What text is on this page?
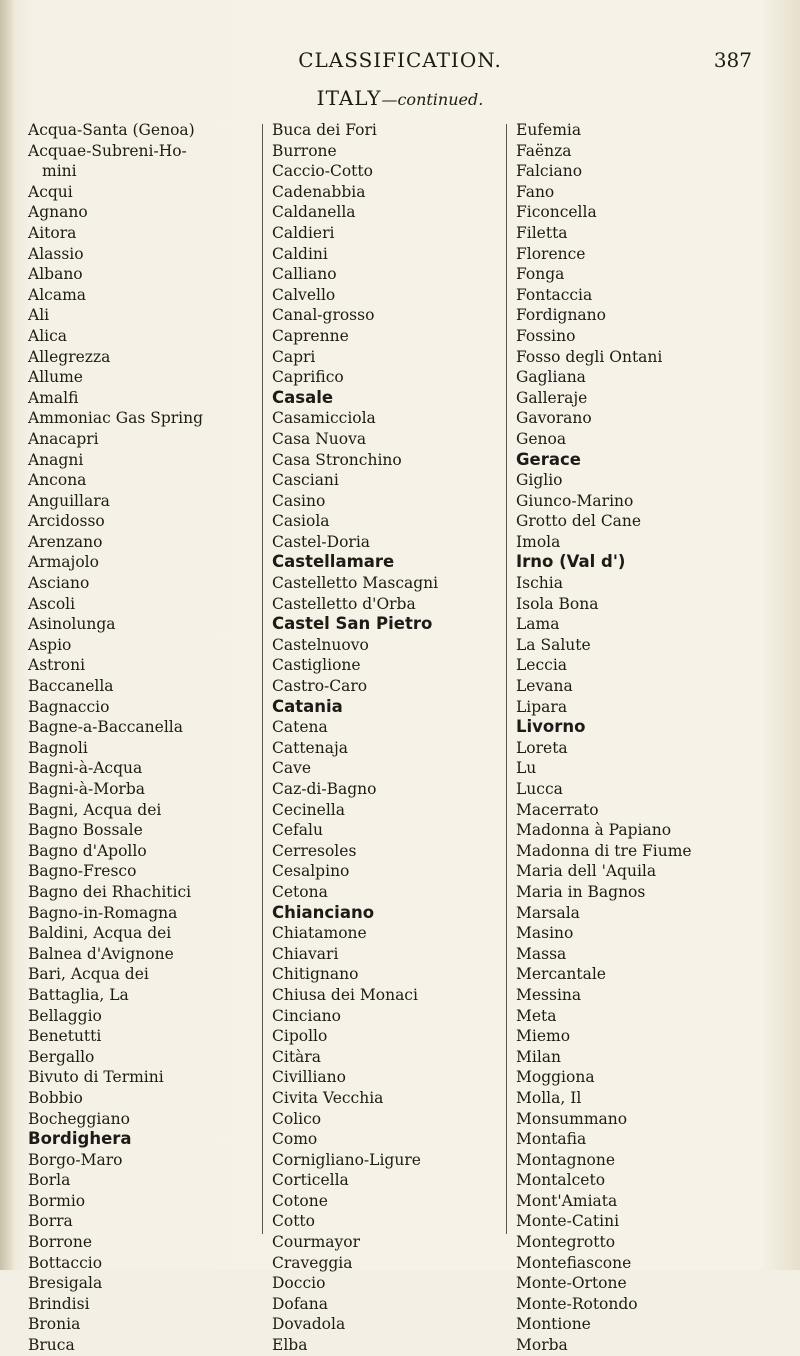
CLASSIFICATION.	387
ITALY—continued.
Acqua-Santa (Genoa)
Acquae-Subreni-Ho-
mini
Acqui
Agnano
Aitora
Alassio
Albano
Alcama
Ali
Alica
Allegrezza
Allume
Amalfi
Ammoniac Gas Spring
Anacapri
Anagni
Ancona
Anguillara
Arcidosso
Arenzano
Armajolo
Asciano
Ascoli
Asinolunga
Aspio
Astroni
Baccanella
Bagnaccio
Bagne-a-Baccanella
Bagnoli
Bagni-à-Acqua
Bagni-à-Morba
Bagni, Acqua dei
Bagno Bossale
Bagno d'Apollo
Bagno-Fresco
Bagno dei Rhachitici
Bagno-in-Romagna
Baldini, Acqua dei
Balnea d'Avignone
Bari, Acqua dei
Battaglia, La
Bellaggio
Benetutti
Bergallo
Bivuto di Termini
Bobbio
Bocheggiano
Bordighera
Borgo-Maro
Borla
Bormio
Borra
Borrone
Bottaccio
Bresigala
Brindisi
Bronia
Bruca
Buca dei Fori
Burrone
Caccio-Cotto
Cadenabbia
Caldanella
Caldieri
Caldini
Calliano
Calvello
Canal-grosso
Caprenne
Capri
Caprifico
Casale
Casamicciola
Casa Nuova
Casa Stronchino
Casciani
Casino
Casiola
Castel-Doria
Castellamare
Castelletto Mascagni
Castelletto d'Orba
Castel San Pietro
Castelnuovo
Castiglione
Castro-Caro
Catania
Catena
Cattenaja
Cave
Caz-di-Bagno
Cecinella
Cefalu
Cerresoles
Cesalpino
Cetona
Chianciano
Chiatamone
Chiavari
Chitignano
Chiusa dei Monaci
Cinciano
Cipollo
Citàra
Civilliano
Civita Vecchia
Colico
Como
Cornigliano-Ligure
Corticella
Cotone
Cotto
Courmayor
Craveggia
Doccio
Dofana
Dovadola
Elba
Eufemia
Faënza
Falciano
Fano
Ficoncella
Filetta
Florence
Fonga
Fontaccia
Fordignano
Fossino
Fosso degli Ontani
Gagliana
Galleraje
Gavorano
Genoa
Gerace
Giglio
Giunco-Marino
Grotto del Cane
Imola
Irno (Val d')
Ischia
Isola Bona
Lama
La Salute
Leccia
Levana
Lipara
Livorno
Loreta
Lu
Lucca
Macerrato
Madonna à Papiano
Madonna di tre Fiume
Maria dell 'Aquila
Maria in Bagnos
Marsala
Masino
Massa
Mercantale
Messina
Meta
Miemo
Milan
Moggiona
Molla, Il
Monsummano
Montafia
Montagnone
Montalceto
Mont'Amiata
Monte-Catini
Montegrotto
Montefiascone
Monte-Ortone
Monte-Rotondo
Montione
Morba
